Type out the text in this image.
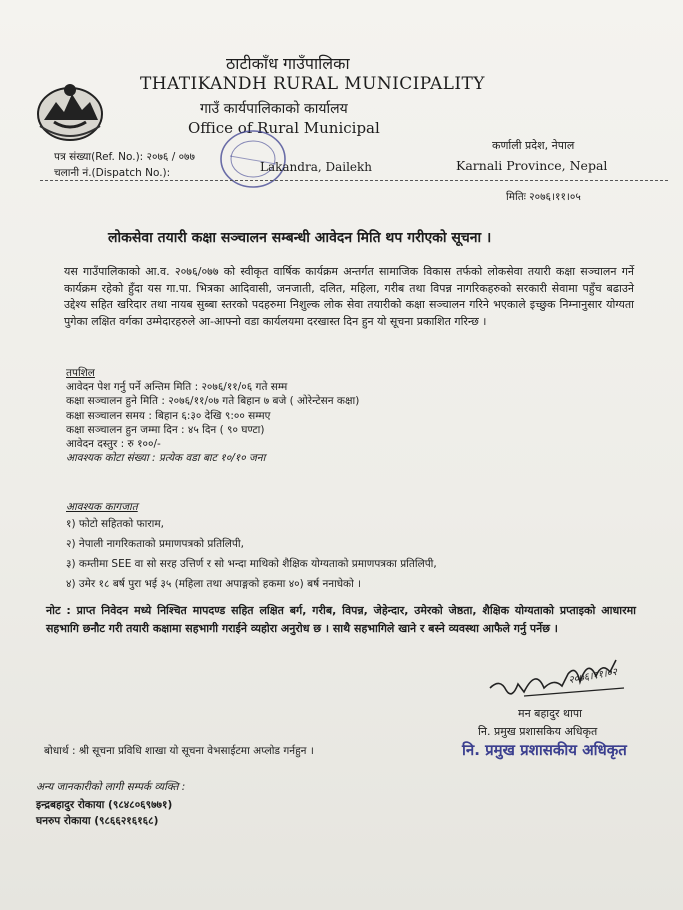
ठाटीकाँध गाउँपालिका
THATIKANDH RURAL MUNICIPALITY
गाउँ कार्यपालिकाको कार्यालय
Office of Rural Municipal
पत्र संख्या(Ref. No.): २०७६ / ०७७
चलानी नं.(Dispatch No.):	Lakandra, Dailekh
कर्णाली प्रदेश, नेपाल
Karnali Province, Nepal
मितिः २०७६।११।०५
लोकसेवा तयारी कक्षा सञ्चालन सम्बन्धी आवेदन मिति थप गरीएको सूचना ।
यस गाउँपालिकाको आ.व. २०७६/०७७ को स्वीकृत वार्षिक कार्यक्रम अन्तर्गत सामाजिक विकास तर्फको लोकसेवा तयारी कक्षा सञ्चालन गर्ने कार्यक्रम रहेको हुँदा यस गा.पा. भित्रका आदिवासी, जनजाती, दलित, महिला, गरीब तथा विपन्न नागरिकहरुको सरकारी सेवामा पहुँच बढाउने उद्देश्य सहित खरिदार तथा नायब सुब्बा स्तरको पदहरुमा निशुल्क लोक सेवा तयारीको कक्षा सञ्चालन गरिने भएकाले इच्छुक निम्नानुसार योग्यता पुगेका लक्षित वर्गका उम्मेदारहरुले आ-आफ्नो वडा कार्यलयमा दरखास्त दिन हुन यो सूचना प्रकाशित गरिन्छ ।
तपशिल
आवेदन पेश गर्नु पर्ने अन्तिम मिति : २०७६/११/०६ गते सम्म
कक्षा सञ्चालन हुने मिति : २०७६/११/०७ गते बिहान ७ बजे ( ओरेन्टेसन कक्षा)
कक्षा सञ्चालन समय : बिहान ६:३० देखि ९:०० सम्मए
कक्षा सञ्चालन हुन जम्मा दिन : ४५ दिन ( ९० घण्टा)
आवेदन दस्तुर : रु १००/-
आवश्यक कोटा संख्या : प्रत्येक वडा बाट १०/१० जना
आवश्यक कागजात
१) फोटो सहितको फाराम,
२) नेपाली नागरिकताको प्रमाणपत्रको प्रतिलिपी,
३) कम्तीमा SEE वा सो सरह उत्तिर्ण र सो भन्दा माथिको शैक्षिक योग्यताको प्रमाणपत्रका प्रतिलिपी,
४) उमेर १८ बर्ष पुरा भई ३५ (महिला तथा अपाङ्गको हकमा ४०) बर्ष ननाघेको ।
नोट : प्राप्त निवेदन मध्ये निश्चित मापदण्ड सहित लक्षित बर्ग, गरीब, विपन्न, जेहेन्दार, उमेरको जेष्ठता, शैक्षिक योग्यताको प्रप्ताइको आधारमा सहभागि छनौट गरी तयारी कक्षामा सहभागी गराईने व्यहोरा अनुरोध छ । साथै सहभागिले खाने र बस्ने व्यवस्था आफैले गर्नु पर्नेछ ।
२०७६।११।०२
मन बहादुर थापा
नि. प्रमुख प्रशासकिय अधिकृत
नि. प्रमुख प्रशासकीय अधिकृत
बोधार्थ : श्री सूचना प्रविधि शाखा यो सूचना वेभसाईटमा अप्लोड गर्नहुन ।
अन्य जानकारीको लागी सम्पर्क व्यक्ति :
इन्द्रबहादुर रोकाया (९८४८०६९७७१)
घनरुप रोकाया (९८६६२१६१६८)
